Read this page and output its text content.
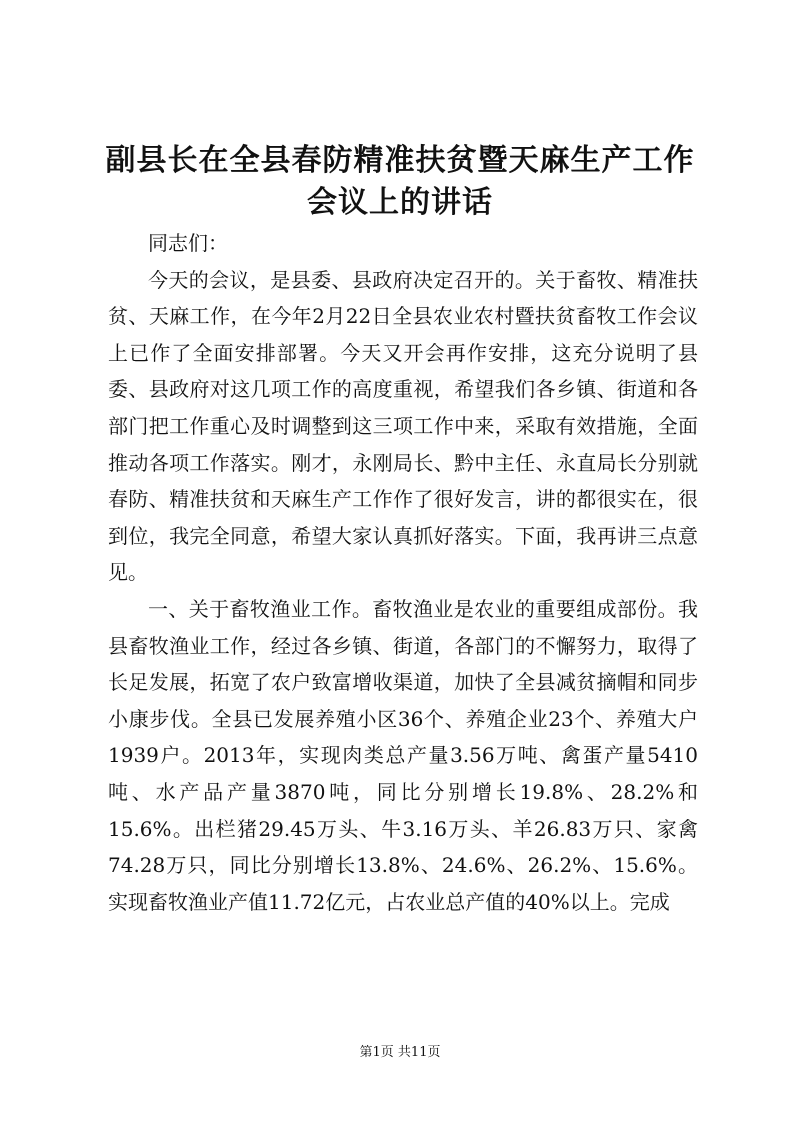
副县长在全县春防精准扶贫暨天麻生产工作会议上的讲话

同志们：

今天的会议，是县委、县政府决定召开的。关于畜牧、精准扶贫、天麻工作，在今年2月22日全县农业农村暨扶贫畜牧工作会议上已作了全面安排部署。今天又开会再作安排，这充分说明了县委、县政府对这几项工作的高度重视，希望我们各乡镇、街道和各部门把工作重心及时调整到这三项工作中来，采取有效措施，全面推动各项工作落实。刚才，永刚局长、黔中主任、永直局长分别就春防、精准扶贫和天麻生产工作作了很好发言，讲的都很实在，很到位，我完全同意，希望大家认真抓好落实。下面，我再讲三点意见。

一、关于畜牧渔业工作。畜牧渔业是农业的重要组成部份。我县畜牧渔业工作，经过各乡镇、街道，各部门的不懈努力，取得了长足发展，拓宽了农户致富增收渠道，加快了全县减贫摘帽和同步小康步伐。全县已发展养殖小区36个、养殖企业23个、养殖大户1939户。2013年，实现肉类总产量3.56万吨、禽蛋产量5410吨、水产品产量3870吨，同比分别增长19.8%、28.2%和15.6%。出栏猪29.45万头、牛3.16万头、羊26.83万只、家禽74.28万只，同比分别增长13.8%、24.6%、26.2%、15.6%。实现畜牧渔业产值11.72亿元，占农业总产值的40%以上。完成

第1页 共11页
